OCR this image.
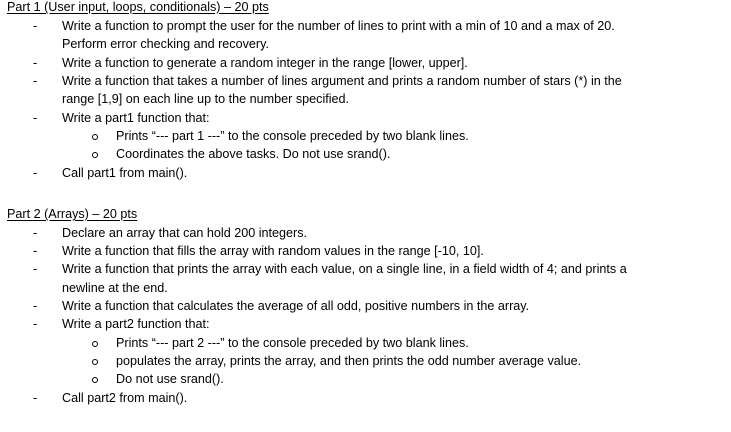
Part 1 (User input, loops, conditionals) – 20 pts
- Write a function to prompt the user for the number of lines to print with a min of 10 and a max of 20.
Perform error checking and recovery.
- Write a function to generate a random integer in the range [lower, upper].
- Write a function that takes a number of lines argument and prints a random number of stars (*) in the
range [1,9] on each line up to the number specified.
- Write a part1 function that:
Prints “--- part 1 ---” to the console preceded by two blank lines.
Coordinates the above tasks. Do not use srand().
- Call part1 from main().
Part 2 (Arrays) – 20 pts
- Declare an array that can hold 200 integers.
- Write a function that fills the array with random values in the range [-10, 10].
- Write a function that prints the array with each value, on a single line, in a field width of 4; and prints a
newline at the end.
- Write a function that calculates the average of all odd, positive numbers in the array.
- Write a part2 function that:
Prints “--- part 2 ---” to the console preceded by two blank lines.
populates the array, prints the array, and then prints the odd number average value.
Do not use srand().
- Call part2 from main().
